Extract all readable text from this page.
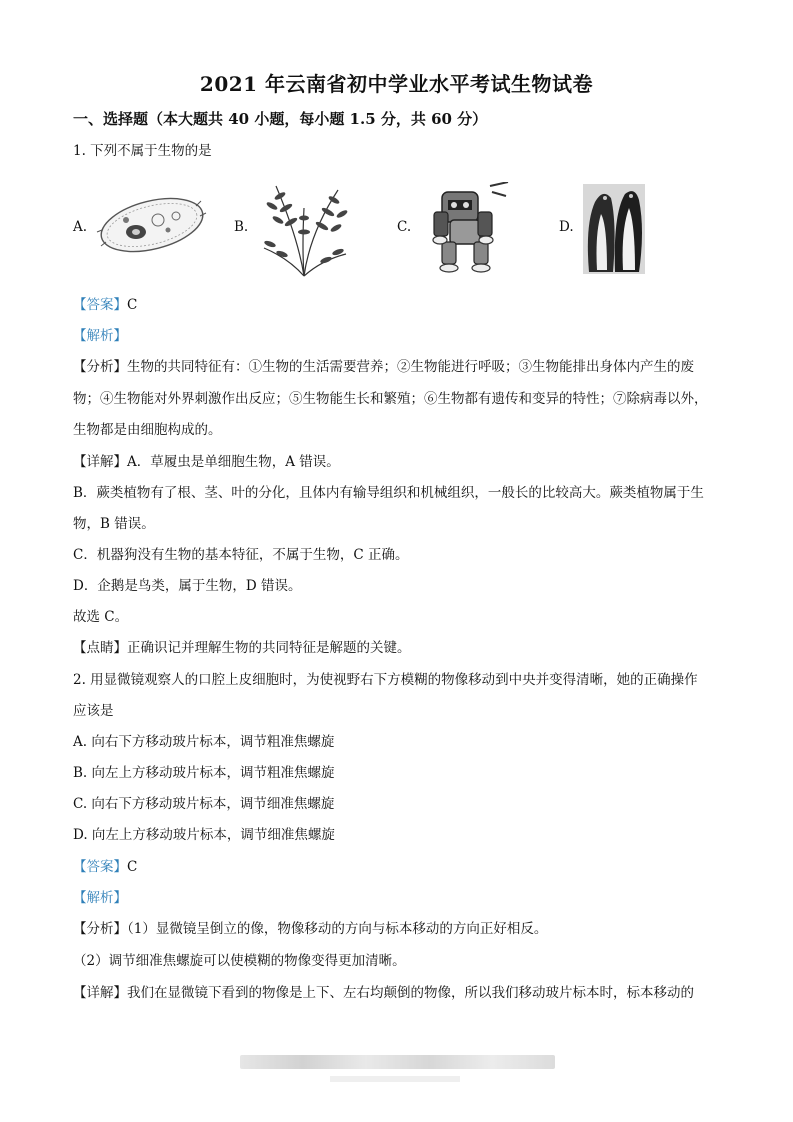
2021 年云南省初中学业水平考试生物试卷
一、选择题（本大题共 40 小题，每小题 1.5 分，共 60 分）
1. 下列不属于生物的是
A.	B.	C.	D.
【答案】C
【解析】
【分析】生物的共同特征有：①生物的生活需要营养；②生物能进行呼吸；③生物能排出身体内产生的废
物；④生物能对外界刺激作出反应；⑤生物能生长和繁殖；⑥生物都有遗传和变异的特性；⑦除病毒以外，
生物都是由细胞构成的。
【详解】A．草履虫是单细胞生物，A 错误。
B．蕨类植物有了根、茎、叶的分化，且体内有输导组织和机械组织，一般长的比较高大。蕨类植物属于生
物，B 错误。
C．机器狗没有生物的基本特征，不属于生物，C 正确。
D．企鹅是鸟类，属于生物，D 错误。
故选 C。
【点睛】正确识记并理解生物的共同特征是解题的关键。
2. 用显微镜观察人的口腔上皮细胞时，为使视野右下方模糊的物像移动到中央并变得清晰，她的正确操作
应该是
A. 向右下方移动玻片标本，调节粗准焦螺旋
B. 向左上方移动玻片标本，调节粗准焦螺旋
C. 向右下方移动玻片标本，调节细准焦螺旋
D. 向左上方移动玻片标本，调节细准焦螺旋
【答案】C
【解析】
【分析】（1）显微镜呈倒立的像，物像移动的方向与标本移动的方向正好相反。
（2）调节细准焦螺旋可以使模糊的物像变得更加清晰。
【详解】我们在显微镜下看到的物像是上下、左右均颠倒的物像，所以我们移动玻片标本时，标本移动的
